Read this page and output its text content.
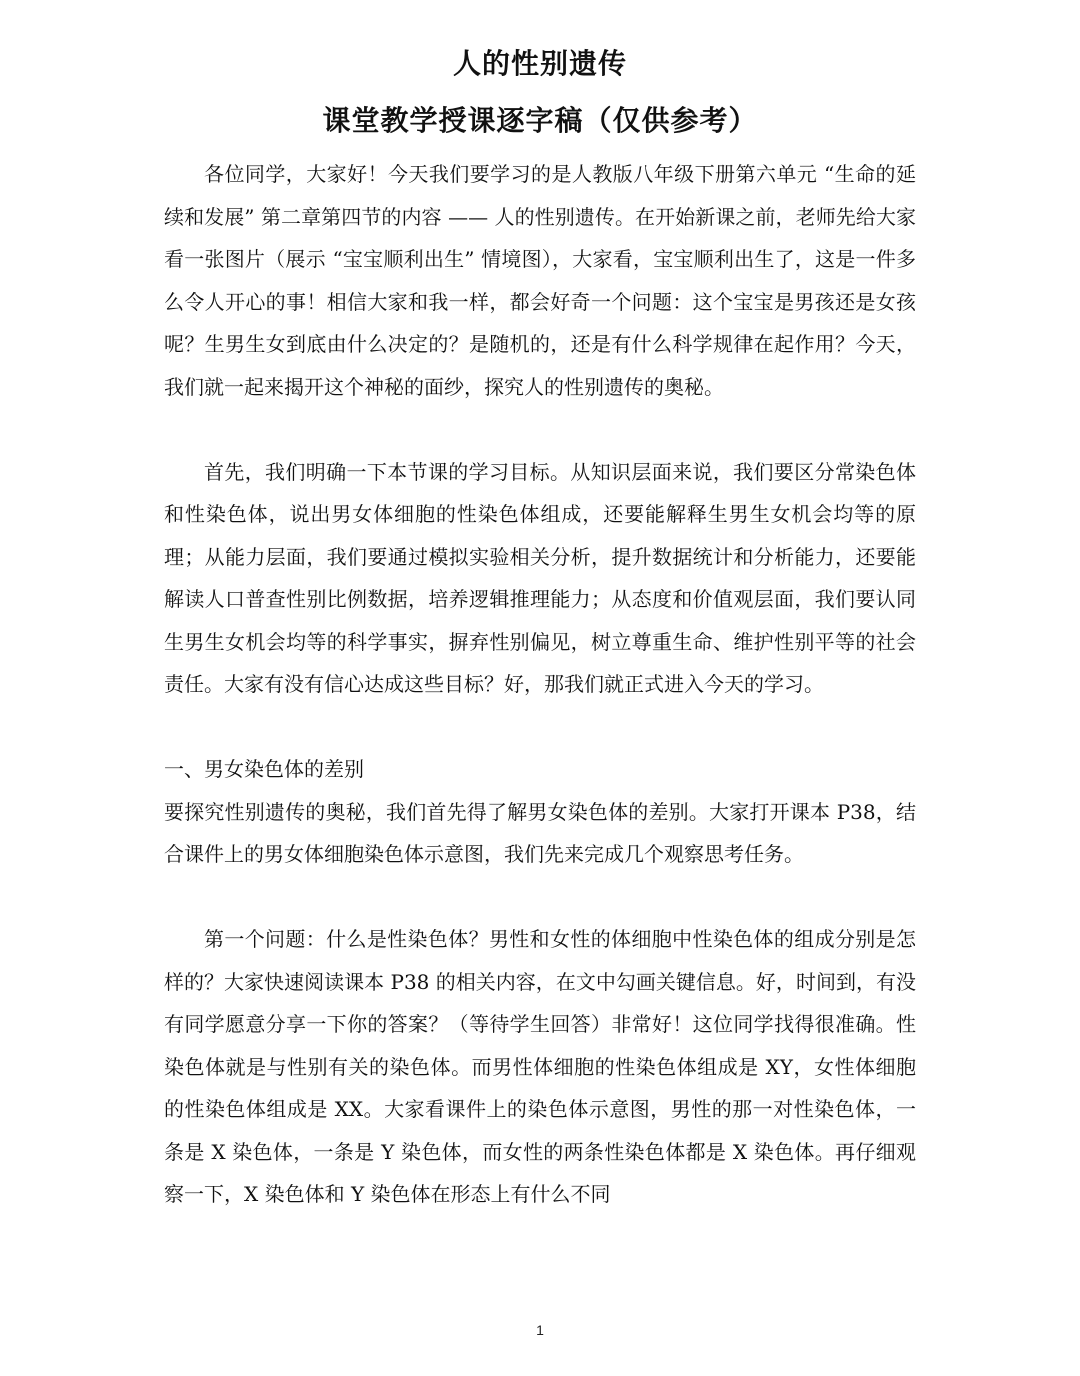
人的性别遗传
课堂教学授课逐字稿（仅供参考）

各位同学，大家好！今天我们要学习的是人教版八年级下册第六单元 “生命的延续和发展” 第二章第四节的内容 —— 人的性别遗传。在开始新课之前，老师先给大家看一张图片（展示 “宝宝顺利出生” 情境图），大家看，宝宝顺利出生了，这是一件多么令人开心的事！相信大家和我一样，都会好奇一个问题：这个宝宝是男孩还是女孩呢？生男生女到底由什么决定的？是随机的，还是有什么科学规律在起作用？今天，我们就一起来揭开这个神秘的面纱，探究人的性别遗传的奥秘。

首先，我们明确一下本节课的学习目标。从知识层面来说，我们要区分常染色体和性染色体，说出男女体细胞的性染色体组成，还要能解释生男生女机会均等的原理；从能力层面，我们要通过模拟实验相关分析，提升数据统计和分析能力，还要能解读人口普查性别比例数据，培养逻辑推理能力；从态度和价值观层面，我们要认同生男生女机会均等的科学事实，摒弃性别偏见，树立尊重生命、维护性别平等的社会责任。大家有没有信心达成这些目标？好，那我们就正式进入今天的学习。

一、男女染色体的差别

要探究性别遗传的奥秘，我们首先得了解男女染色体的差别。大家打开课本 P38，结合课件上的男女体细胞染色体示意图，我们先来完成几个观察思考任务。

第一个问题：什么是性染色体？男性和女性的体细胞中性染色体的组成分别是怎样的？大家快速阅读课本 P38 的相关内容，在文中勾画关键信息。好，时间到，有没有同学愿意分享一下你的答案？（等待学生回答）非常好！这位同学找得很准确。性染色体就是与性别有关的染色体。而男性体细胞的性染色体组成是 XY，女性体细胞的性染色体组成是 XX。大家看课件上的染色体示意图，男性的那一对性染色体，一条是 X 染色体，一条是 Y 染色体，而女性的两条性染色体都是 X 染色体。再仔细观察一下，X 染色体和 Y 染色体在形态上有什么不同

1
